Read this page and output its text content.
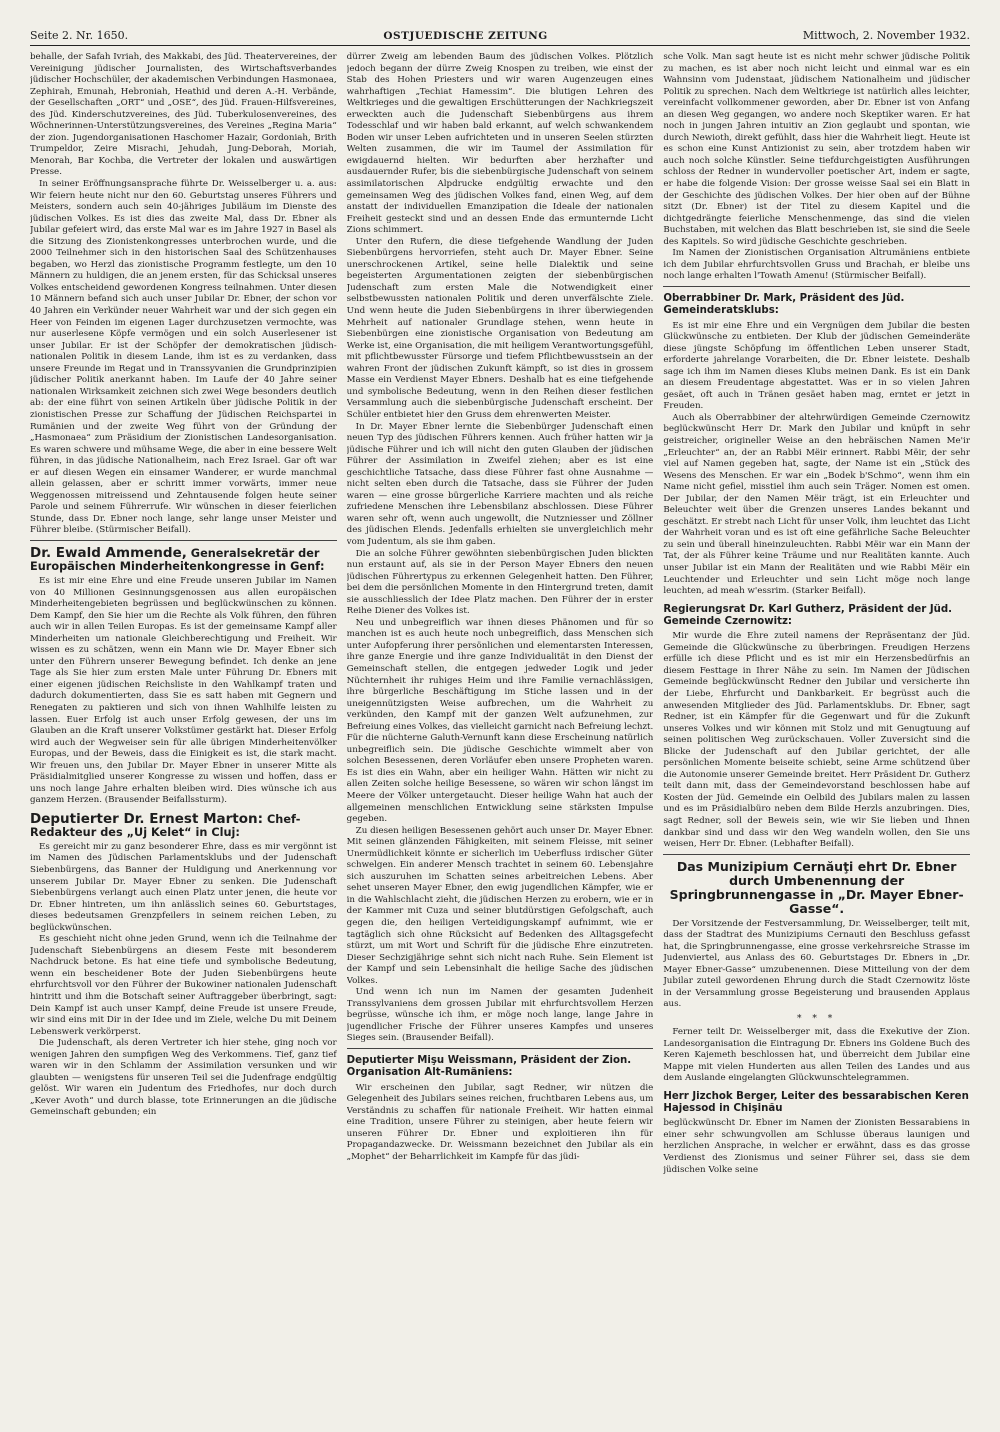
Seite 2. Nr. 1650.	OSTJUEDISCHE ZEITUNG	Mittwoch, 2. November 1932.

behalle, der Safah Ivriah, des Makkabi, des Jüd. Theatervereines, der Vereinigung jüdischer Journalisten, des Wirtschaftsverbandes jüdischer Hochschüler, der akademischen Verbindungen Hasmonaea, Zephirah, Emunah, Hebroniah, Heathid und deren A.-H. Verbände, der Gesellschaften „ORT“ und „OSE“, des Jüd. Frauen-Hilfsvereines, des Jüd. Kinderschutzvereines, des Jüd. Tuberkulosenvereines, des Wöchnerinnen-Unterstützungsvereines, des Vereines „Regina Maria“ der zion. Jugendorganisationen Haschomer Hazair, Gordoniah, Brith Trumpeldor, Zeire Misrachi, Jehudah, Jung-Deborah, Moriah, Menorah, Bar Kochba, die Vertreter der lokalen und auswärtigen Presse.

In seiner Eröffnungsansprache führte Dr. Weisselberger u. a. aus: Wir feiern heute nicht nur den 60. Geburtstag unseres Führers und Meisters, sondern auch sein 40-jähriges Jubiläum im Dienste des jüdischen Volkes. Es ist dies das zweite Mal, dass Dr. Ebner als Jubilar gefeiert wird, das erste Mal war es im Jahre 1927 in Basel als die Sitzung des Zionistenkongresses unterbrochen wurde, und die 2000 Teilnehmer sich in den historischen Saal des Schützenhauses begaben, wo Herzl das zionistische Programm festlegte, um den 10 Männern zu huldigen, die an jenem ersten, für das Schicksal unseres Volkes entscheidend gewordenen Kongress teilnahmen. Unter diesen 10 Männern befand sich auch unser Jubilar Dr. Ebner, der schon vor 40 Jahren ein Verkünder neuer Wahrheit war und der sich gegen ein Heer von Feinden im eigenen Lager durchzusetzen vermochte, was nur auserlesene Köpfe vermögen und ein solch Auserlesener ist unser Jubilar. Er ist der Schöpfer der demokratischen jüdisch-nationalen Politik in diesem Lande, ihm ist es zu verdanken, dass unsere Freunde im Regat und in Transsyvanien die Grundprinzipien jüdischer Politik anerkannt haben. Im Laufe der 40 Jahre seiner nationalen Wirksamkeit zeichnen sich zwei Wege besonders deutlich ab: der eine führt von seinen Artikeln über jüdische Politik in der zionistischen Presse zur Schaffung der Jüdischen Reichspartei in Rumänien und der zweite Weg führt von der Gründung der „Hasmonaea“ zum Präsidium der Zionistischen Landesorganisation. Es waren schwere und mühsame Wege, die aber in eine bessere Welt führen, in das jüdische Nationalheim, nach Erez Israel. Gar oft war er auf diesen Wegen ein einsamer Wanderer, er wurde manchmal allein gelassen, aber er schritt immer vorwärts, immer neue Weggenossen mitreissend und Zehntausende folgen heute seiner Parole und seinem Führerrufe. Wir wünschen in dieser feierlichen Stunde, dass Dr. Ebner noch lange, sehr lange unser Meister und Führer bleibe. (Stürmischer Beifall).

Dr. Ewald Ammende, Generalsekretär der Europäischen Minderheitenkongresse in Genf:

Es ist mir eine Ehre und eine Freude unseren Jubilar im Namen von 40 Millionen Gesinnungsgenossen aus allen europäischen Minderheitengebieten begrüssen und beglückwünschen zu können. Dem Kampf, den Sie hier um die Rechte als Volk führen, den führen auch wir in allen Teilen Europas. Es ist der gemeinsame Kampf aller Minderheiten um nationale Gleichberechtigung und Freiheit. Wir wissen es zu schätzen, wenn ein Mann wie Dr. Mayer Ebner sich unter den Führern unserer Bewegung befindet. Ich denke an jene Tage als Sie hier zum ersten Male unter Führung Dr. Ebners mit einer eigenen jüdischen Reichsliste in den Wahlkampf traten und dadurch dokumentierten, dass Sie es satt haben mit Gegnern und Renegaten zu paktieren und sich von ihnen Wahlhilfe leisten zu lassen. Euer Erfolg ist auch unser Erfolg gewesen, der uns im Glauben an die Kraft unserer Volkstümer gestärkt hat. Dieser Erfolg wird auch der Wegweiser sein für alle übrigen Minderheitenvölker Europas, und der Beweis, dass die Einigkeit es ist, die stark macht. Wir freuen uns, den Jubilar Dr. Mayer Ebner in unserer Mitte als Präsidialmitglied unserer Kongresse zu wissen und hoffen, dass er uns noch lange Jahre erhalten bleiben wird. Dies wünsche ich aus ganzem Herzen. (Brausender Beifallssturm).

Deputierter Dr. Ernest Marton: Chef-Redakteur des „Uj Kelet“ in Cluj:

Es gereicht mir zu ganz besonderer Ehre, dass es mir vergönnt ist im Namen des Jüdischen Parlamentsklubs und der Judenschaft Siebenbürgens, das Banner der Huldigung und Anerkennung vor unserem Jubilar Dr. Mayer Ebner zu senken. Die Judenschaft Siebenbürgens verlangt auch einen Platz unter jenen, die heute vor Dr. Ebner hintreten, um ihn anlässlich seines 60. Geburtstages, dieses bedeutsamen Grenzpfeilers in seinem reichen Leben, zu beglückwünschen.

Es geschieht nicht ohne jeden Grund, wenn ich die Teilnahme der Judenschaft Siebenbürgens an diesem Feste mit besonderem Nachdruck betone. Es hat eine tiefe und symbolische Bedeutung, wenn ein bescheidener Bote der Juden Siebenbürgens heute ehrfurchtsvoll vor den Führer der Bukowiner nationalen Judenschaft hintritt und ihm die Botschaft seiner Auftraggeber überbringt, sagt: Dein Kampf ist auch unser Kampf, deine Freude ist unsere Freude, wir sind eins mit Dir in der Idee und im Ziele, welche Du mit Deinem Lebenswerk verkörperst.

Die Judenschaft, als deren Vertreter ich hier stehe, ging noch vor wenigen Jahren den sumpfigen Weg des Verkommens. Tief, ganz tief waren wir in den Schlamm der Assimilation versunken und wir glaubten — wenigstens für unseren Teil sei die Judenfrage endgültig gelöst. Wir waren ein Judentum des Friedhofes, nur doch durch „Kever Avoth“ und durch blasse, tote Erinnerungen an die jüdische Gemeinschaft gebunden; ein

dürrer Zweig am lebenden Baum des jüdischen Volkes. Plötzlich jedoch begann der dürre Zweig Knospen zu treiben, wie einst der Stab des Hohen Priesters und wir waren Augenzeugen eines wahrhaftigen „Techiat Hamessim“. Die blutigen Lehren des Weltkrieges und die gewaltigen Erschütterungen der Nachkriegszeit erweckten auch die Judenschaft Siebenbürgens aus ihrem Todesschlaf und wir haben bald erkannt, auf welch schwankendem Boden wir unser Leben aufrichteten und in unseren Seelen stürzten Welten zusammen, die wir im Taumel der Assimilation für ewigdauernd hielten. Wir bedurften aber herzhafter und ausdauernder Rufer, bis die siebenbürgische Judenschaft von seinem assimilatorischen Alpdrucke endgültig erwachte und den gemeinsamen Weg des jüdischen Volkes fand, einen Weg, auf dem anstatt der individuellen Emanzipation die Ideale der nationalen Freiheit gesteckt sind und an dessen Ende das ermunternde Licht Zions schimmert.

Unter den Rufern, die diese tiefgehende Wandlung der Juden Siebenbürgens hervorriefen, steht auch Dr. Mayer Ebner. Seine unerschrockenen Artikel, seine helle Dialektik und seine begeisterten Argumentationen zeigten der siebenbürgischen Judenschaft zum ersten Male die Notwendigkeit einer selbstbewussten nationalen Politik und deren unverfälschte Ziele. Und wenn heute die Juden Siebenbürgens in ihrer überwiegenden Mehrheit auf nationaler Grundlage stehen, wenn heute in Siebenbürgen eine zionistische Organisation von Bedeutung am Werke ist, eine Organisation, die mit heiligem Verantwortungsgefühl, mit pflichtbewusster Fürsorge und tiefem Pflichtbewusstsein an der wahren Front der jüdischen Zukunft kämpft, so ist dies in grossem Masse ein Verdienst Mayer Ebners. Deshalb hat es eine tiefgehende und symbolische Bedeutung, wenn in den Reihen dieser festlichen Versammlung auch die siebenbürgische Judenschaft erscheint. Der Schüler entbietet hier den Gruss dem ehrenwerten Meister.

In Dr. Mayer Ebner lernte die Siebenbürger Judenschaft einen neuen Typ des jüdischen Führers kennen. Auch früher hatten wir ja jüdische Führer und ich will nicht den guten Glauben der jüdischen Führer der Assimilation in Zweifel ziehen; aber es ist eine geschichtliche Tatsache, dass diese Führer fast ohne Ausnahme — nicht selten eben durch die Tatsache, dass sie Führer der Juden waren — eine grosse bürgerliche Karriere machten und als reiche zufriedene Menschen ihre Lebensbilanz abschlossen. Diese Führer waren sehr oft, wenn auch ungewollt, die Nutzniesser und Zöllner des jüdischen Elends. Jedenfalls erhielten sie unvergleichlich mehr vom Judentum, als sie ihm gaben.

Die an solche Führer gewöhnten siebenbürgischen Juden blickten nun erstaunt auf, als sie in der Person Mayer Ebners den neuen jüdischen Führertypus zu erkennen Gelegenheit hatten. Den Führer, bei dem die persönlichen Momente in den Hintergrund treten, damit sie ausschliesslich der Idee Platz machen. Den Führer der in erster Reihe Diener des Volkes ist.

Neu und unbegreiflich war ihnen dieses Phänomen und für so manchen ist es auch heute noch unbegreiflich, dass Menschen sich unter Aufopferung ihrer persönlichen und elementarsten Interessen, ihre ganze Energie und ihre ganze Individualität in den Dienst der Gemeinschaft stellen, die entgegen jedweder Logik und jeder Nüchternheit ihr ruhiges Heim und ihre Familie vernachlässigen, ihre bürgerliche Beschäftigung im Stiche lassen und in der uneigennützigsten Weise aufbrechen, um die Wahrheit zu verkünden, den Kampf mit der ganzen Welt aufzunehmen, zur Befreiung eines Volkes, das vielleicht garnicht nach Befreiung lechzt. Für die nüchterne Galuth-Vernunft kann diese Erscheinung natürlich unbegreiflich sein. Die jüdische Geschichte wimmelt aber von solchen Besessenen, deren Vorläufer eben unsere Propheten waren. Es ist dies ein Wahn, aber ein heiliger Wahn. Hätten wir nicht zu allen Zeiten solche heilige Besessene, so wären wir schon längst im Meere der Völker untergetaucht. Dieser heilige Wahn hat auch der allgemeinen menschlichen Entwicklung seine stärksten Impulse gegeben.

Zu diesen heiligen Besessenen gehört auch unser Dr. Mayer Ebner. Mit seinen glänzenden Fähigkeiten, mit seinem Fleisse, mit seiner Unermüdlichkeit könnte er sicherlich im Ueberfluss irdischer Güter schwelgen. Ein anderer Mensch trachtet in seinem 60. Lebensjahre sich auszuruhen im Schatten seines arbeitreichen Lebens. Aber sehet unseren Mayer Ebner, den ewig jugendlichen Kämpfer, wie er in die Wahlschlacht zieht, die jüdischen Herzen zu erobern, wie er in der Kammer mit Cuza und seiner blutdürstigen Gefolgschaft, auch gegen die, den heiligen Verteidigungskampf aufnimmt, wie er tagtäglich sich ohne Rücksicht auf Bedenken des Alltagsgefecht stürzt, um mit Wort und Schrift für die jüdische Ehre einzutreten. Dieser Sechzigjährige sehnt sich nicht nach Ruhe. Sein Element ist der Kampf und sein Lebensinhalt die heilige Sache des jüdischen Volkes.

Und wenn ich nun im Namen der gesamten Judenheit Transsylvaniens dem grossen Jubilar mit ehrfurchtsvollem Herzen begrüsse, wünsche ich ihm, er möge noch lange, lange Jahre in jugendlicher Frische der Führer unseres Kampfes und unseres Sieges sein. (Brausender Beifall).

Deputierter Mişu Weissmann, Präsident der Zion. Organisation Alt-Rumäniens:

Wir erscheinen den Jubilar, sagt Redner, wir nützen die Gelegenheit des Jubilars seines reichen, fruchtbaren Lebens aus, um Verständnis zu schaffen für nationale Freiheit. Wir hatten einmal eine Tradition, unsere Führer zu steinigen, aber heute feiern wir unseren Führer Dr. Ebner und exploitieren ihn für Propagandazwecke. Dr. Weissmann bezeichnet den Jubilar als ein „Mophet“ der Beharrlichkeit im Kampfe für das jüdi-

sche Volk. Man sagt heute ist es nicht mehr schwer jüdische Politik zu machen, es ist aber noch nicht leicht und einmal war es ein Wahnsinn vom Judenstaat, jüdischem Nationalheim und jüdischer Politik zu sprechen. Nach dem Weltkriege ist natürlich alles leichter, vereinfacht vollkommener geworden, aber Dr. Ebner ist von Anfang an diesen Weg gegangen, wo andere noch Skeptiker waren. Er hat noch in jungen Jahren intuitiv an Zion geglaubt und spontan, wie durch Newioth, direkt gefühlt, dass hier die Wahrheit liegt. Heute ist es schon eine Kunst Antizionist zu sein, aber trotzdem haben wir auch noch solche Künstler. Seine tiefdurchgeistigten Ausführungen schloss der Redner in wundervoller poetischer Art, indem er sagte, er habe die folgende Vision: Der grosse weisse Saal sei ein Blatt in der Geschichte des jüdischen Volkes. Der hier oben auf der Bühne sitzt (Dr. Ebner) ist der Titel zu diesem Kapitel und die dichtgedrängte feierliche Menschenmenge, das sind die vielen Buchstaben, mit welchen das Blatt beschrieben ist, sie sind die Seele des Kapitels. So wird jüdische Geschichte geschrieben.

Im Namen der Zionistischen Organisation Altrumäniens entbiete ich dem Jubilar ehrfurchtsvollen Gruss und Brachah, er bleibe uns noch lange erhalten l'Towath Amenu! (Stürmischer Beifall).

Oberrabbiner Dr. Mark, Präsident des Jüd. Gemeinderatsklubs:

Es ist mir eine Ehre und ein Vergnügen dem Jubilar die besten Glückwünsche zu entbieten. Der Klub der jüdischen Gemeinderäte diese jüngste Schöpfung im öffentlichen Leben unserer Stadt, erforderte jahrelange Vorarbeiten, die Dr. Ebner leistete. Deshalb sage ich ihm im Namen dieses Klubs meinen Dank. Es ist ein Dank an diesem Freudentage abgestattet. Was er in so vielen Jahren gesäet, oft auch in Tränen gesäet haben mag, erntet er jetzt in Freuden.

Auch als Oberrabbiner der altehrwürdigen Gemeinde Czernowitz beglückwünscht Herr Dr. Mark den Jubilar und knüpft in sehr geistreicher, origineller Weise an den hebräischen Namen Me'ir „Erleuchter“ an, der an Rabbi Mëir erinnert. Rabbi Mëir, der sehr viel auf Namen gegeben hat, sagte, der Name ist ein „Stück des Wesens des Menschen. Er war ein „Bodek b'Schmo“, wenn ihm ein Name nicht gefiel, misstiel ihm auch sein Träger. Nomen est omen. Der Jubilar, der den Namen Mëir trägt, ist ein Erleuchter und Beleuchter weit über die Grenzen unseres Landes bekannt und geschätzt. Er strebt nach Licht für unser Volk, ihm leuchtet das Licht der Wahrheit voran und es ist oft eine gefährliche Sache Beleuchter zu sein und überall hineinzuleuchten. Rabbi Mëir war ein Mann der Tat, der als Führer keine Träume und nur Realitäten kannte. Auch unser Jubilar ist ein Mann der Realitäten und wie Rabbi Mëir ein Leuchtender und Erleuchter und sein Licht möge noch lange leuchten, ad meah w'essrim. (Starker Beifall).

Regierungsrat Dr. Karl Gutherz, Präsident der Jüd. Gemeinde Czernowitz:

Mir wurde die Ehre zuteil namens der Repräsentanz der Jüd. Gemeinde die Glückwünsche zu überbringen. Freudigen Herzens erfülle ich diese Pflicht und es ist mir ein Herzensbedürfnis an diesem Festtage in Ihrer Nähe zu sein. Im Namen der Jüdischen Gemeinde beglückwünscht Redner den Jubilar und versicherte ihn der Liebe, Ehrfurcht und Dankbarkeit. Er begrüsst auch die anwesenden Mitglieder des Jüd. Parlamentsklubs. Dr. Ebner, sagt Redner, ist ein Kämpfer für die Gegenwart und für die Zukunft unseres Volkes und wir können mit Stolz und mit Genugtuung auf seinen politischen Weg zurückschauen. Voller Zuversicht sind die Blicke der Judenschaft auf den Jubilar gerichtet, der alle persönlichen Momente beiseite schiebt, seine Arme schützend über die Autonomie unserer Gemeinde breitet. Herr Präsident Dr. Gutherz teilt dann mit, dass der Gemeindevorstand beschlossen habe auf Kosten der Jüd. Gemeinde ein Oelbild des Jubilars malen zu lassen und es im Präsidialbüro neben dem Bilde Herzls anzubringen. Dies, sagt Redner, soll der Beweis sein, wie wir Sie lieben und Ihnen dankbar sind und dass wir den Weg wandeln wollen, den Sie uns weisen, Herr Dr. Ebner. (Lebhafter Beifall).

Das Munizipium Cernăuţi ehrt Dr. Ebner durch Umbenennung der Springbrunnengasse in „Dr. Mayer Ebner-Gasse“.

Der Vorsitzende der Festversammlung, Dr. Weisselberger, teilt mit, dass der Stadtrat des Munizipiums Cernauti den Beschluss gefasst hat, die Springbrunnengasse, eine grosse verkehrsreiche Strasse im Judenviertel, aus Anlass des 60. Geburtstages Dr. Ebners in „Dr. Mayer Ebner-Gasse“ umzubenennen. Diese Mitteilung von der dem Jubilar zuteil gewordenen Ehrung durch die Stadt Czernowitz löste in der Versammlung grosse Begeisterung und brausenden Applaus aus.

* * *

Ferner teilt Dr. Weisselberger mit, dass die Exekutive der Zion. Landesorganisation die Eintragung Dr. Ebners ins Goldene Buch des Keren Kajemeth beschlossen hat, und überreicht dem Jubilar eine Mappe mit vielen Hunderten aus allen Teilen des Landes und aus dem Auslande eingelangten Glückwunschtelegrammen.

Herr Jizchok Berger, Leiter des bessarabischen Keren Hajessod in Chişinău

beglückwünscht Dr. Ebner im Namen der Zionisten Bessarabiens in einer sehr schwungvollen am Schlusse überaus launigen und herzlichen Ansprache, in welcher er erwähnt, dass es das grosse Verdienst des Zionismus und seiner Führer sei, dass sie dem jüdischen Volke seine
